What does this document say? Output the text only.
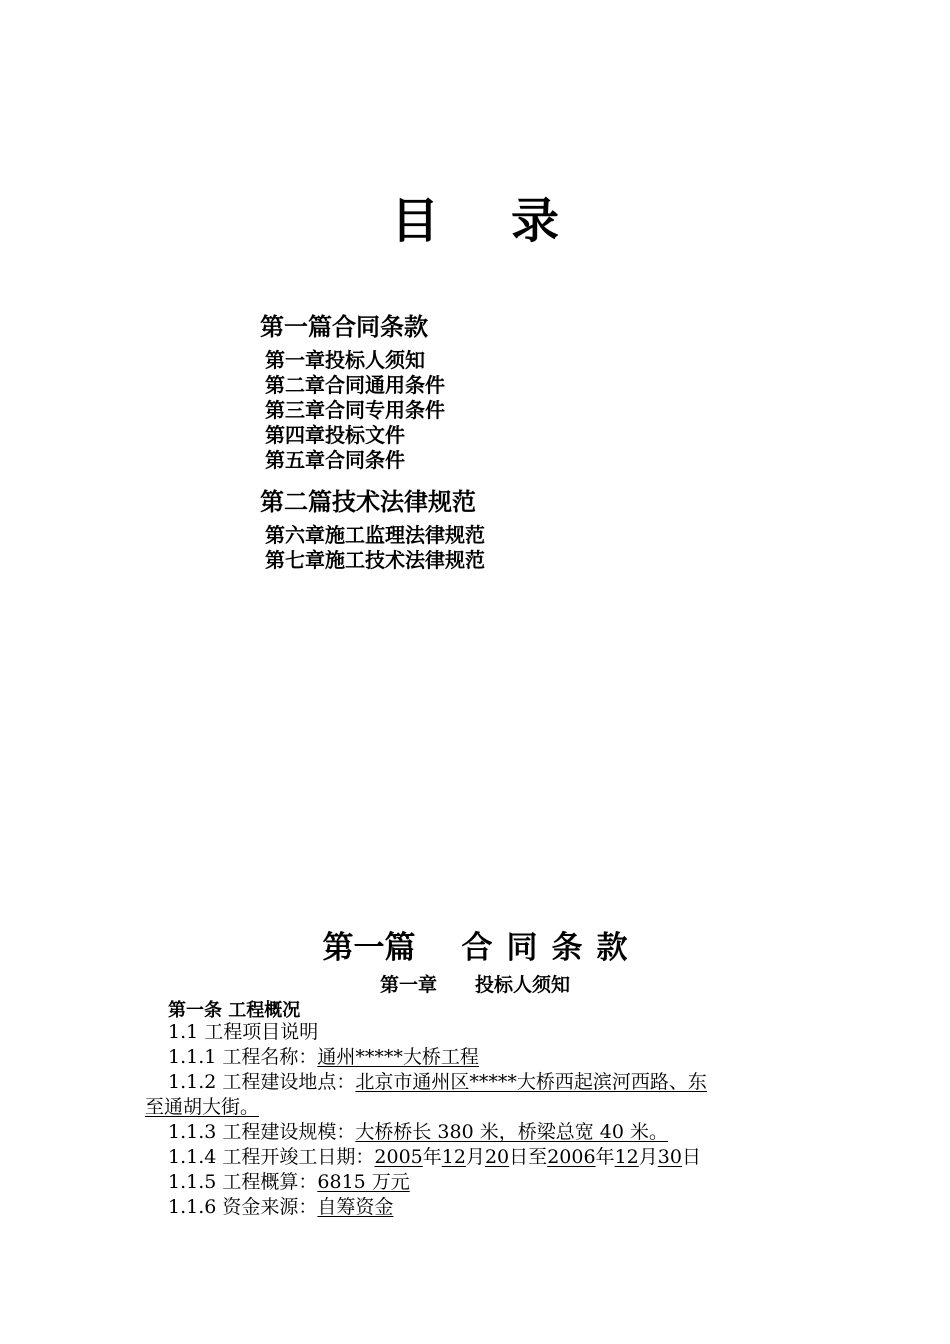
目 录
第一篇合同条款
第一章投标人须知
第二章合同通用条件
第三章合同专用条件
第四章投标文件
第五章合同条件
第二篇技术法律规范
第六章施工监理法律规范
第七章施工技术法律规范
第一篇 合 同 条 款
第一章 投标人须知
第一条 工程概况
1.1 工程项目说明
1.1.1 工程名称：通州*****大桥工程
1.1.2 工程建设地点：北京市通州区*****大桥西起滨河西路、东
至通胡大街。
1.1.3 工程建设规模：大桥桥长 380 米，桥梁总宽 40 米。
1.1.4 工程开竣工日期：2005年12月20日至2006年12月30日
1.1.5 工程概算：6815 万元
1.1.6 资金来源：自筹资金
